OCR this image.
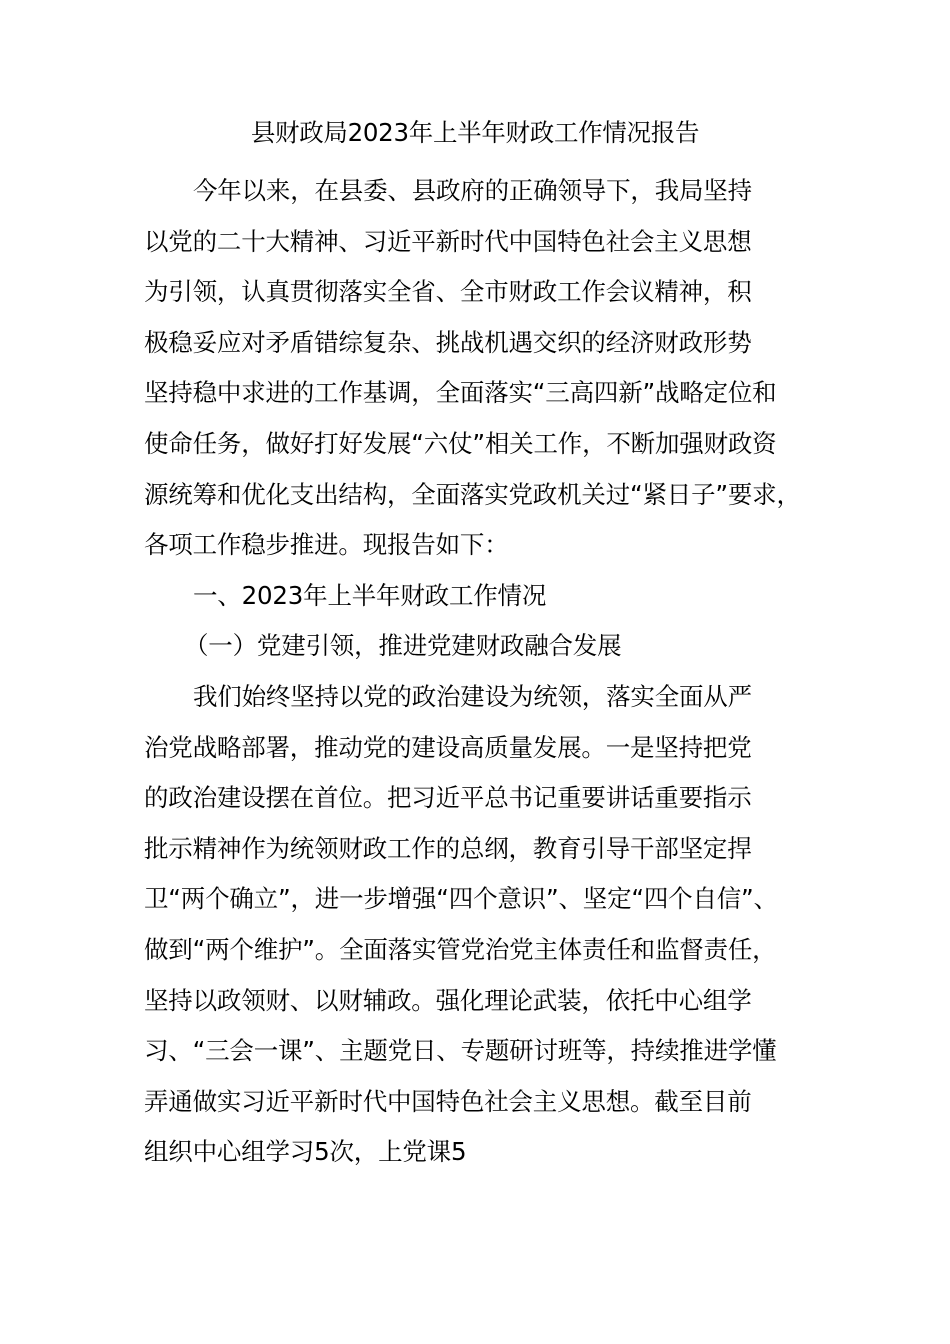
县财政局2023年上半年财政工作情况报告
今年以来，在县委、县政府的正确领导下，我局坚持
以党的二十大精神、习近平新时代中国特色社会主义思想
为引领，认真贯彻落实全省、全市财政工作会议精神，积
极稳妥应对矛盾错综复杂、挑战机遇交织的经济财政形势
坚持稳中求进的工作基调，全面落实“三高四新”战略定位和
使命任务，做好打好发展“六仗”相关工作，不断加强财政资
源统筹和优化支出结构，全面落实党政机关过“紧日子”要求，
各项工作稳步推进。现报告如下：
一、2023年上半年财政工作情况
（一）党建引领，推进党建财政融合发展
我们始终坚持以党的政治建设为统领，落实全面从严
治党战略部署，推动党的建设高质量发展。一是坚持把党
的政治建设摆在首位。把习近平总书记重要讲话重要指示
批示精神作为统领财政工作的总纲，教育引导干部坚定捍
卫“两个确立”，进一步增强“四个意识”、坚定“四个自信”、
做到“两个维护”。全面落实管党治党主体责任和监督责任，
坚持以政领财、以财辅政。强化理论武装，依托中心组学
习、“三会一课”、主题党日、专题研讨班等，持续推进学懂
弄通做实习近平新时代中国特色社会主义思想。截至目前
组织中心组学习5次，上党课5
